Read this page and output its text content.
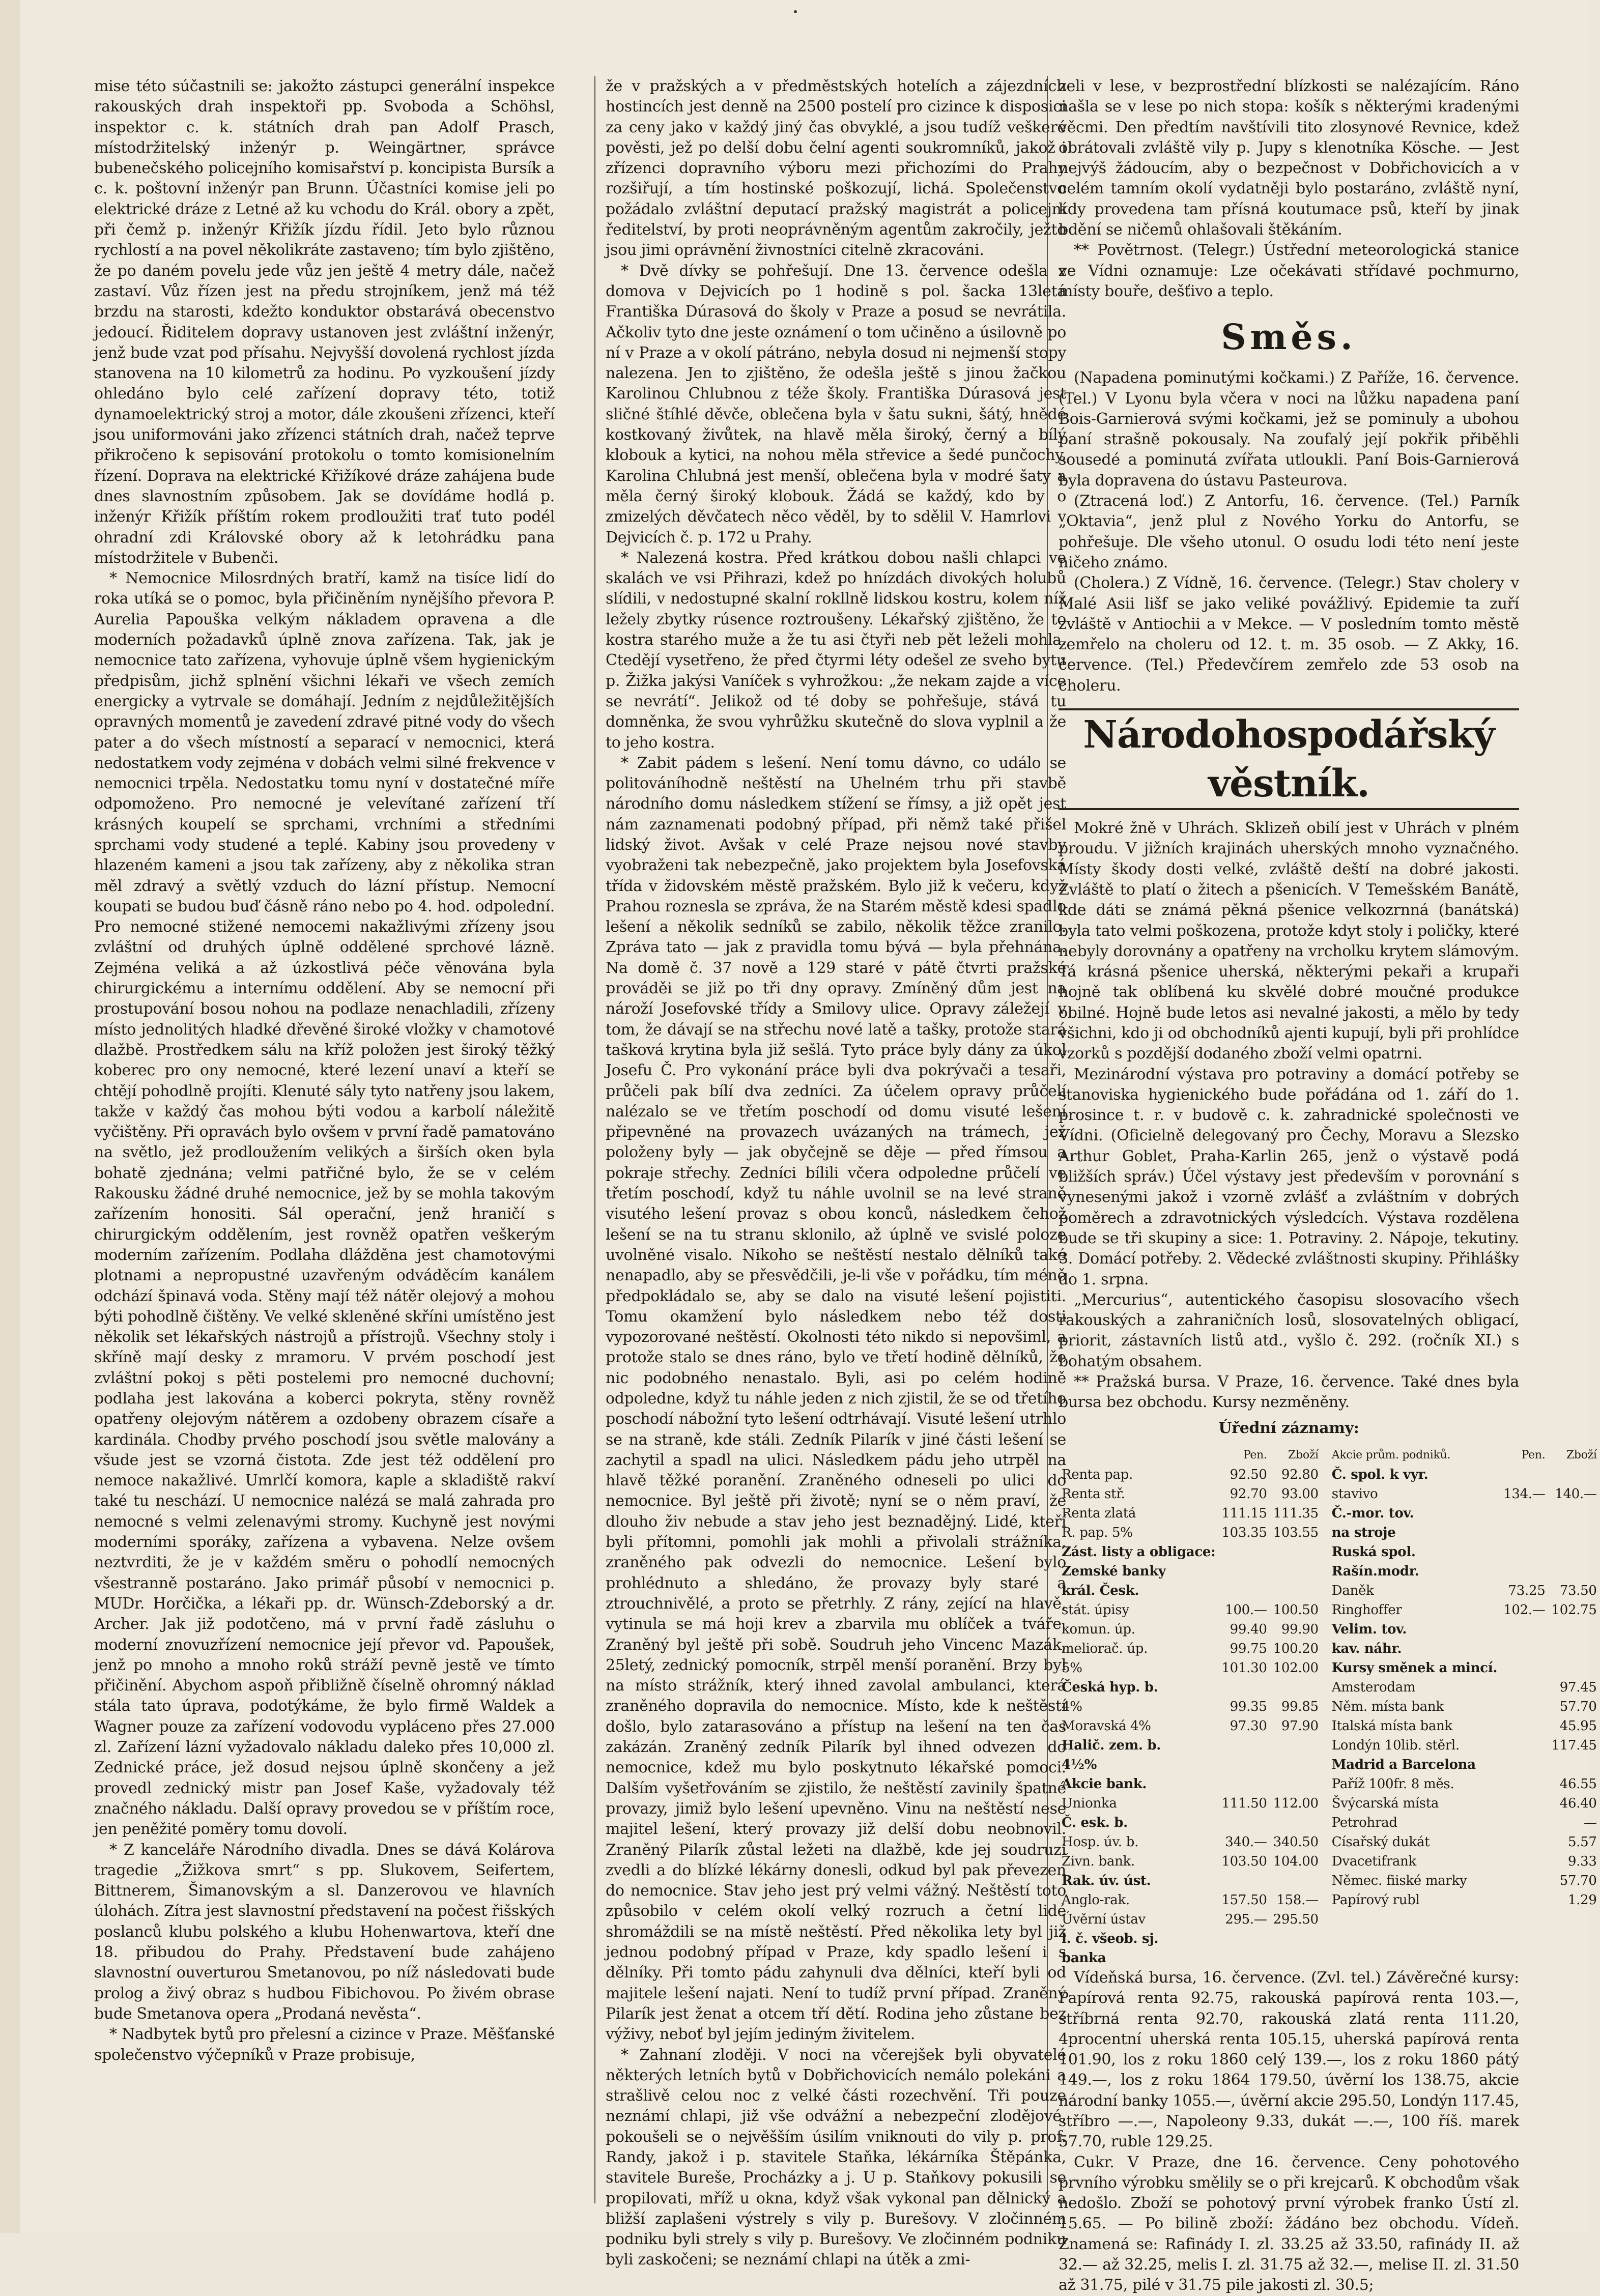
mise této súčastnili se: jakožto zástupci generální inspekce rakouských drah inspektoři pp. Svoboda a Schöhsl, inspektor c. k. státních drah pan Adolf Prasch, místodržitelský inženýr p. Weingärtner, správce bubenečského policejního komisařství p. koncipista Bursík a c. k. poštovní inženýr pan Brunn. Účastníci komise jeli po elektrické dráze z Letné až ku vchodu do Král. obory a zpět, při čemž p. inženýr Křižík jízdu řídil. Jeto bylo různou rychlostí a na povel několikráte zastaveno; tím bylo zjištěno, že po daném povelu jede vůz jen ještě 4 metry dále, načež zastaví. Vůz řízen jest na předu strojníkem, jenž má též brzdu na starosti, kdežto konduktor obstarává obecenstvo jedoucí. Řiditelem dopravy ustanoven jest zvláštní inženýr, jenž bude vzat pod přísahu. Nejvyšší dovolená rychlost jízda stanovena na 10 kilometrů za hodinu. Po vyzkoušení jízdy ohledáno bylo celé zařízení dopravy této, totiž dynamoelektrický stroj a motor, dále zkoušeni zřízenci, kteří jsou uniformováni jako zřízenci státních drah, načež teprve přikročeno k sepisování protokolu o tomto komisionelním řízení. Doprava na elektrické Křižíkové dráze zahájena bude dnes slavnostním způsobem. Jak se dovídáme hodlá p. inženýr Křižík příštím rokem prodloužiti trať tuto podél ohradní zdi Královské obory až k letohrádku pana místodržitele v Bubenči.

* Nemocnice Milosrdných bratří, kamž na tisíce lidí do roka utíká se o pomoc, byla přičiněním nynějšího převora P. Aurelia Papouška velkým nákladem opravena a dle moderních požadavků úplně znova zařízena. Tak, jak je nemocnice tato zařízena, vyhovuje úplně všem hygienickým předpisům, jichž splnění všichni lékaři ve všech zemích energicky a vytrvale se domáhají. Jedním z nejdůležitějších opravných momentů je zavedení zdravé pitné vody do všech pater a do všech místností a separací v nemocnici, která nedostatkem vody zejména v dobách velmi silné frekvence v nemocnici trpěla. Nedostatku tomu nyní v dostatečné míře odpomoženo. Pro nemocné je velevítané zařízení tří krásných koupelí se sprchami, vrchními a středními sprchami vody studené a teplé. Kabiny jsou provedeny v hlazeném kameni a jsou tak zařízeny, aby z několika stran měl zdravý a světlý vzduch do lázní přístup. Nemocní koupati se budou buď čásně ráno nebo po 4. hod. odpolední. Pro nemocné stižené nemocemi nakažlivými zřízeny jsou zvláštní od druhých úplně oddělené sprchové lázně. Zejména veliká a až úzkostlivá péče věnována byla chirurgickému a internímu oddělení. Aby se nemocní při prostupování bosou nohou na podlaze nenachladili, zřízeny místo jednolitých hladké dřevěné široké vložky v chamotové dlažbě. Prostředkem sálu na kříž položen jest široký těžký koberec pro ony nemocné, které lezení unaví a kteří se chtějí pohodlně projíti. Klenuté sály tyto natřeny jsou lakem, takže v každý čas mohou býti vodou a karbolí náležitě vyčištěny. Při opravách bylo ovšem v první řadě pamatováno na světlo, jež prodloužením velikých a širších oken byla bohatě zjednána; velmi patřičné bylo, že se v celém Rakousku žádné druhé nemocnice, jež by se mohla takovým zařízením honositi. Sál operační, jenž hraničí s chirurgickým oddělením, jest rovněž opatřen veškerým moderním zařízením. Podlaha dlážděna jest chamotovými plotnami a nepropustné uzavřeným odváděcím kanálem odchází špinavá voda. Stěny mají též nátěr olejový a mohou býti pohodlně čištěny. Ve velké skleněné skříni umístěno jest několik set lékařských nástrojů a přístrojů. Všechny stoly i skříně mají desky z mramoru. V prvém poschodí jest zvláštní pokoj s pěti postelemi pro nemocné duchovní; podlaha jest lakována a koberci pokryta, stěny rovněž opatřeny olejovým nátěrem a ozdobeny obrazem císaře a kardinála. Chodby prvého poschodí jsou světle malovány a všude jest se vzorná čistota. Zde jest též oddělení pro nemoce nakažlivé. Umrlčí komora, kaple a skladiště rakví také tu neschází. U nemocnice nalézá se malá zahrada pro nemocné s velmi zelenavými stromy. Kuchyně jest novými moderními sporáky, zařízena a vybavena. Nelze ovšem neztvrditi, že je v každém směru o pohodlí nemocných všestranně postaráno. Jako primář působí v nemocnici p. MUDr. Horčička, a lékaři pp. dr. Wünsch-Zdeborský a dr. Archer. Jak již podotčeno, má v první řadě zásluhu o moderní znovuzřízení nemocnice její převor vd. Papoušek, jenž po mnoho a mnoho roků stráží pevně jestě ve tímto přičinění. Abychom aspoň přibližně číselně ohromný náklad stála tato úprava, podotýkáme, že bylo firmě Waldek a Wagner pouze za zařízení vodovodu vypláceno přes 27.000 zl. Zařízení lázní vyžadovalo nákladu daleko přes 10,000 zl. Zednické práce, jež dosud nejsou úplně skončeny a jež provedl zednický mistr pan Josef Kaše, vyžadovaly též značného nákladu. Další opravy provedou se v příštím roce, jen peněžité poměry tomu dovolí.

* Z kanceláře Národního divadla. Dnes se dává Kolárova tragedie „Žižkova smrt“ s pp. Slukovem, Seifertem, Bittnerem, Šimanovským a sl. Danzerovou ve hlavních úlohách. Zítra jest slavnostní představení na počest řišských poslanců klubu polského a klubu Hohenwartova, kteří dne 18. přibudou do Prahy. Představení bude zahájeno slavnostní ouverturou Smetanovou, po níž následovati bude prolog a živý obraz s hudbou Fibichovou. Po živém obrase bude Smetanova opera „Prodaná nevěsta“.

* Nadbytek bytů pro přelesní a cizince v Praze. Měšťanské společenstvo výčepníků v Praze probisuje,

že v pražských a v předměstských hotelích a zájezdních hostincích jest denně na 2500 postelí pro cizince k disposici za ceny jako v každý jiný čas obvyklé, a jsou tudíž veškeré pověsti, jež po delší dobu čelní agenti soukromníků, jakož i zřízenci dopravního výboru mezi přichozími do Prahy rozšiřují, a tím hostinské poškozují, lichá. Společenstvo požádalo zvláštní deputací pražský magistrát a policejní ředitelství, by proti neoprávněným agentům zakročily, ježto jsou jimi oprávnění živnostníci citelně zkracováni.

* Dvě dívky se pohřešují. Dne 13. července odešla z domova v Dejvicích po 1 hodině s pol. šacka 13letá Františka Dúrasová do školy v Praze a posud se nevrátila. Ačkoliv tyto dne jeste oznámení o tom učiněno a úsilovně po ní v Praze a v okolí pátráno, nebyla dosud ni nejmenší stopy nalezena. Jen to zjištěno, že odešla ještě s jinou žačkou Karolinou Chlubnou z téže školy. Františka Dúrasová jest sličné štíhlé děvče, oblečena byla v šatu sukni, šátý, hnědé kostkovaný živůtek, na hlavě měla široký, černý a bílý klobouk a kytici, na nohou měla střevice a šedé punčochy. Karolina Chlubná jest menší, oblečena byla v modré šaty a měla černý široký klobouk. Žádá se každý, kdo by o zmizelých děvčatech něco věděl, by to sdělil V. Hamrlovi v Dejvicích č. p. 172 u Prahy.

* Nalezená kostra. Před krátkou dobou našli chlapci ve skalách ve vsi Přihrazi, kdež po hnízdách divokých holubů slídili, v nedostupné skalní rokllně lidskou kostru, kolem níž ležely zbytky rúsence roztroušeny. Lékařský zjištěno, že to kostra starého muže a že tu asi čtyři neb pět leželi mohla. Ctedějí vysetřeno, že před čtyrmi léty odešel ze sveho bytu p. Žižka jakýsi Vaníček s vyhrožkou: „že nekam zajde a více se nevrátí“. Jelikož od té doby se pohřešuje, stává tu domněnka, že svou vyhrůžku skutečně do slova vyplnil a že to jeho kostra.

* Zabit pádem s lešení. Není tomu dávno, co událo se politováníhodně neštěstí na Uhelném trhu při stavbě národního domu následkem stížení se římsy, a již opět jest nám zaznamenati podobný případ, při němž také přišel lidský život. Avšak v celé Praze nejsou nové stavby vyobraženi tak nebezpečně, jako projektem byla Josefovská třída v židovském městě pražském. Bylo již k večeru, když Prahou roznesla se zpráva, že na Starém městě kdesi spadlo lešení a několik sedníků se zabilo, několik těžce zranilo. Zpráva tato — jak z pravidla tomu bývá — byla přehnána. Na domě č. 37 nově a 129 staré v pátě čtvrti pražské prováděi se již po tři dny opravy. Zmíněný dům jest na nároží Josefovské třídy a Smilovy ulice. Opravy záležejí v tom, že dávají se na střechu nové latě a tašky, protože stará tašková krytina byla již sešlá. Tyto práce byly dány za úkol Josefu Č. Pro vykonání práce byli dva pokrývači a tesaři, průčeli pak bílí dva zedníci. Za účelem opravy průčelí nalézalo se ve třetím poschodí od domu visuté lešení připevněné na provazech uvázaných na trámech, jež položeny byly — jak obyčejně se děje — před římsou a pokraje střechy. Zedníci bílili včera odpoledne průčelí ve třetím poschodí, když tu náhle uvolnil se na levé straně visutého lešení provaz s obou konců, následkem čehož lešení se na tu stranu sklonilo, až úplně ve svislé poloze uvolněné visalo. Nikoho se neštěstí nestalo dělníků také nenapadlo, aby se přesvědčili, je-li vše v pořádku, tím méně předpokládalo se, aby se dalo na visuté lešení pojistiti. Tomu okamžení bylo následkem nebo též dosti vypozorované neštěstí. Okolnosti této nikdo si nepovšiml, a protože stalo se dnes ráno, bylo ve třetí hodině dělníků, že nic podobného nenastalo. Byli, asi po celém hodině odpoledne, když tu náhle jeden z nich zjistil, že se od třetího poschodí nábožní tyto lešení odtrhávají. Visuté lešení utrhlo se na straně, kde stáli. Zedník Pilarík v jiné části lešení se zachytil a spadl na ulici. Následkem pádu jeho utrpěl na hlavě těžké poranění. Zraněného odneseli po ulici do nemocnice. Byl ještě při životě; nyní se o něm praví, že dlouho živ nebude a stav jeho jest beznadějný. Lidé, kteří byli přítomni, pomohli jak mohli a přivolali strážníka, zraněného pak odvezli do nemocnice. Lešení bylo prohlédnuto a shledáno, že provazy byly staré a ztrouchnivělé, a proto se přetrhly. Z rány, zející na hlavě, vytinula se má hoji krev a zbarvila mu oblíček a tváře. Zraněný byl ještě při sobě. Soudruh jeho Vincenc Mazák, 25letý, zednický pomocník, strpěl menší poranění. Brzy byl na místo strážník, který ihned zavolal ambulanci, která zraněného dopravila do nemocnice. Místo, kde k neštěstí došlo, bylo zatarasováno a přístup na lešení na ten čas zakázán. Zraněný zedník Pilarík byl ihned odvezen do nemocnice, kdež mu bylo poskytnuto lékařské pomoci. Dalším vyšetřováním se zjistilo, že neštěstí zavinily špatné provazy, jimiž bylo lešení upevněno. Vinu na neštěstí nese majitel lešení, který provazy již delší dobu neobnovil. Zraněný Pilarík zůstal ležeti na dlažbě, kde jej soudruzi zvedli a do blízké lékárny donesli, odkud byl pak převezen do nemocnice. Stav jeho jest prý velmi vážný. Neštěstí toto způsobilo v celém okolí velký rozruch a četní lidé shromáždili se na místě neštěstí. Před několika lety byl již jednou podobný případ v Praze, kdy spadlo lešení i s dělníky. Při tomto pádu zahynuli dva dělníci, kteří byli od majitele lešení najati. Není to tudíž první případ. Zraněný Pilarík jest ženat a otcem tří dětí. Rodina jeho zůstane bez výživy, neboť byl jejím jediným živitelem.

* Zahnaní zloději. V noci na včerejšek byli obyvatelé některých letních bytů v Dobřichovicích nemálo polekáni a strašlivě celou noc z velké části rozechvění. Tři pouze neznámí chlapi, již vše odvážní a nebezpeční zlodějové, pokoušeli se o nejvěšším úsilím vniknouti do vily p. prof. Randy, jakož i p. stavitele Staňka, lékárníka Štěpánka, stavitele Bureše, Procházky a j. U p. Staňkovy pokusili se propilovati, mříž u okna, když však vykonal pan dělnický a bližší zaplašeni výstrely s vily p. Burešovy. V zločinném podniku byli strely s vily p. Burešovy. Ve zločinném podniku byli zaskočeni; se neznámí chlapi na útěk a zmi-

zeli v lese, v bezprostřední blízkosti se nalézajícím. Ráno našla se v lese po nich stopa: košík s některými kradenými věcmi. Den předtím navštívili tito zlosynové Revnice, kdež obrátovali zvláště vily p. Jupy s klenotníka Kösche. — Jest nejvýš žádoucím, aby o bezpečnost v Dobřichovicích a v celém tamním okolí vydatněji bylo postaráno, zvláště nyní, kdy provedena tam přísná koutumace psů, kteří by jinak bdění se ničemů ohlašovali štěkáním.

** Povětrnost. (Telegr.) Ústřední meteorologická stanice ve Vídni oznamuje: Lze očekávati střídavé pochmurno, místy bouře, dešťivo a teplo.

Směs.

(Napadena pominutými kočkami.) Z Paříže, 16. července. (Tel.) V Lyonu byla včera v noci na lůžku napadena paní Bois-Garnierová svými kočkami, jež se pominuly a ubohou paní strašně pokousaly. Na zoufalý její pokřik přiběhli sousedé a pominutá zvířata utloukli. Paní Bois-Garnierová byla dopravena do ústavu Pasteurova.

(Ztracená loď.) Z Antorfu, 16. července. (Tel.) Parník „Oktavia“, jenž plul z Nového Yorku do Antorfu, se pohřešuje. Dle všeho utonul. O osudu lodi této není jeste ničeho známo.

(Cholera.) Z Vídně, 16. července. (Telegr.) Stav cholery v Malé Asii lišf se jako veliké povážlivý. Epidemie ta zuří zvláště v Antiochii a v Mekce. — V posledním tomto městě zemřelo na choleru od 12. t. m. 35 osob. — Z Akky, 16. července. (Tel.) Předevčírem zemřelo zde 53 osob na choleru.

Národohospodářský věstník.

Mokré žně v Uhrách. Sklizeň obilí jest v Uhrách v plném proudu. V jižních krajinách uherských mnoho vyznačného. Místy škody dosti velké, zvláště deští na dobré jakosti. Zvláště to platí o žitech a pšenicích. V Temešském Banátě, kde dáti se známá pěkná pšenice velkozrnná (banátská) byla tato velmi poškozena, protože kdyt stoly i poličky, které nebyly dorovnány a opatřeny na vrcholku krytem slámovým. Tá krásná pšenice uherská, některými pekaři a krupaři hojně tak oblíbená ku skvělé dobré moučné produkce obilné. Hojně bude letos asi nevalné jakosti, a mělo by tedy všichni, kdo ji od obchodníků ajenti kupují, byli při prohlídce vzorků s pozdější dodaného zboží velmi opatrni.

Mezinárodní výstava pro potraviny a domácí potřeby se stanoviska hygienického bude pořádána od 1. září do 1. prosince t. r. v budově c. k. zahradnické společnosti ve Vídni. (Oficielně delegovaný pro Čechy, Moravu a Slezsko Arthur Goblet, Praha-Karlin 265, jenž o výstavě podá bližších správ.) Účel výstavy jest především v porovnání s vynesenými jakož i vzorně zvlášť a zvláštním v dobrých poměrech a zdravotnických výsledcích. Výstava rozdělena bude se tři skupiny a sice: 1. Potraviny. 2. Nápoje, tekutiny. 3. Domácí potřeby. 2. Vědecké zvláštnosti skupiny. Přihlášky do 1. srpna.

„Mercurius“, autentického časopisu slosovacího všech rakouských a zahraničních losů, slosovatelných obligací, priorit, zástavních listů atd., vyšlo č. 292. (ročník XI.) s bohatým obsahem.

** Pražská bursa. V Praze, 16. července. Také dnes byla bursa bez obchodu. Kursy nezměněny.

Úřední záznamy:
	Pen.	Zboží
Renta pap.	92.50	92.80
Renta stř.	92.70	93.00
Renta zlatá	111.15	111.35
R. pap. 5%	103.35	103.55
Zást. listy a obligace:		
Zemské banky		
král. Česk.		
stát. úpisy	100.—	100.50
komun. úp.	99.40	99.90
meliorač. úp.	99.75	100.20
5%	101.30	102.00
Česká hyp. b.		
4%	99.35	99.85
Moravská 4%	97.30	97.90
Halič. zem. b.		
4½%		
Akcie bank.		
Unionka	111.50	112.00
Č. esk. b.		
Hosp. úv. b.	340.—	340.50
Živn. bank.	103.50	104.00
Rak. úv. úst.		
Anglo-rak.	157.50	158.—
Úvěrní ústav	295.—	295.50
l. č. všeob. sj.		
banka		
Akcie prům. podniků.	Pen.	Zboží
Č. spol. k vyr.		
stavivo	134.—	140.—
Č.-mor. tov.		
na stroje		
Ruská spol.		
Rašín.modr.		
Daněk	73.25	73.50
Ringhoffer	102.—	102.75
Velim. tov.		
kav. náhr.		
Kursy směnek a mincí.		
Amsterodam		97.45
Něm. místa bank		57.70
Italská místa bank		45.95
Londýn 10lib. stěrl.		117.45
Madrid a Barcelona		
Paříž 100fr. 8 měs.		46.55
Švýcarská místa		46.40
Petrohrad		—
Císařský dukát		5.57
Dvacetifrank		9.33
Němec. fiiské marky		57.70
Papírový rubl		1.29

Vídeňská bursa, 16. července. (Zvl. tel.) Závěrečné kursy: Papírová renta 92.75, rakouská papírová renta 103.—, stříbrná renta 92.70, rakouská zlatá renta 111.20, 4procentní uherská renta 105.15, uherská papírová renta 101.90, los z roku 1860 celý 139.—, los z roku 1860 pátý 149.—, los z roku 1864 179.50, úvěrní los 138.75, akcie národní banky 1055.—, úvěrní akcie 295.50, Londýn 117.45, stříbro —.—, Napoleony 9.33, dukát —.—, 100 říš. marek 57.70, ruble 129.25.

Cukr. V Praze, dne 16. července. Ceny pohotového prvního výrobku smělily se o při krejcarů. K obchodům však nedošlo. Zboží se pohotový první výrobek franko Ústí zl. 15.65. — Po bilině zboží: žádáno bez obchodu. Vídeň. Znamená se: Rafinády I. zl. 33.25 až 33.50, rafinády II. až 32.— až 32.25, melis I. zl. 31.75 až 32.—, melise II. zl. 31.50 až 31.75, pilé v 31.75 pile jakosti zl. 30.5;
